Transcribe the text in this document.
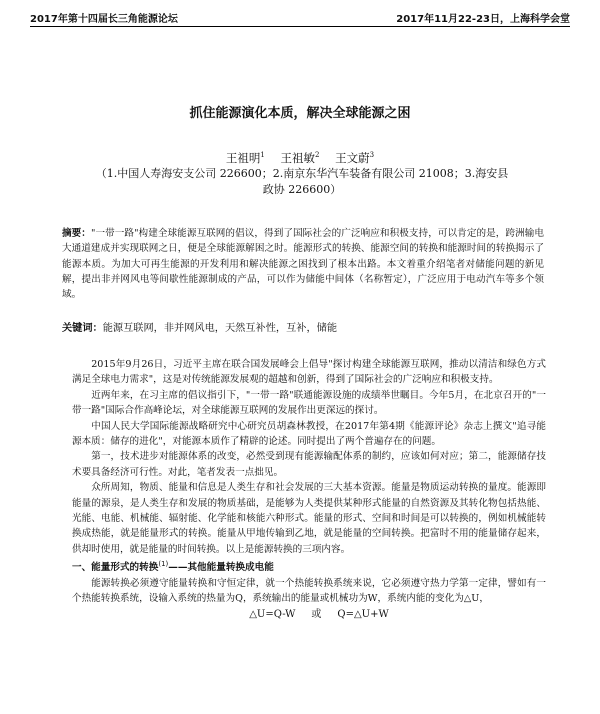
2017年第十四届长三角能源论坛	2017年11月22-23日，上海科学会堂
抓住能源演化本质，解决全球能源之困
王祖明$^1$ 王祖敏$^2$ 王文蔚$^3$
（1.中国人寿海安支公司 226600；2.南京东华汽车装备有限公司 21008；3.海安县政协 226600）
摘要："一带一路"构建全球能源互联网的倡议，得到了国际社会的广泛响应和积极支持，可以肯定的是，跨洲输电大通道建成并实现联网之日，便是全球能源解困之时。能源形式的转换、能源空间的转换和能源时间的转换揭示了能源本质。为加大可再生能源的开发利用和解决能源之困找到了根本出路。本文着重介绍笔者对储能问题的新见解，提出非并网风电等间歇性能源制成的产品，可以作为储能中间体（名称暂定），广泛应用于电动汽车等多个领域。
关键词：能源互联网，非并网风电，天然互补性，互补，储能

2015年9月26日，习近平主席在联合国发展峰会上倡导"探讨构建全球能源互联网，推动以清洁和绿色方式满足全球电力需求"，这是对传统能源发展观的超越和创新，得到了国际社会的广泛响应和积极支持。

近两年来，在习主席的倡议指引下，"一带一路"联通能源设施的成绩举世瞩目。今年5月，在北京召开的"一带一路"国际合作高峰论坛，对全球能源互联网的发展作出更深远的探讨。

中国人民大学国际能源战略研究中心研究员胡森林教授，在2017年第4期《能源评论》杂志上撰文"追寻能源本质：储存的进化"，对能源本质作了精辟的论述。同时提出了两个普遍存在的问题。

第一，技术进步对能源体系的改变，必然受到现有能源输配体系的制约，应该如何对应；第二，能源储存技术要具备经济可行性。对此，笔者发表一点拙见。

众所周知，物质、能量和信息是人类生存和社会发展的三大基本资源。能量是物质运动转换的量度。能源即能量的源泉，是人类生存和发展的物质基础，是能够为人类提供某种形式能量的自然资源及其转化物包括热能、光能、电能、机械能、辐射能、化学能和核能六种形式。能量的形式、空间和时间是可以转换的，例如机械能转换成热能，就是能量形式的转换。能量从甲地传输到乙地，就是能量的空间转换。把富时不用的能量储存起来，供却时使用，就是能量的时间转换。以上是能源转换的三项内容。

一、能量形式的转换$^{(1)}$——其他能量转换成电能

能源转换必须遵守能量转换和守恒定律，就一个热能转换系统来说，它必须遵守热力学第一定律，譬如有一个热能转换系统，设输入系统的热量为Q，系统输出的能量或机械功为W，系统内能的变化为△U，

△U=Q-W 或 Q=△U+W
